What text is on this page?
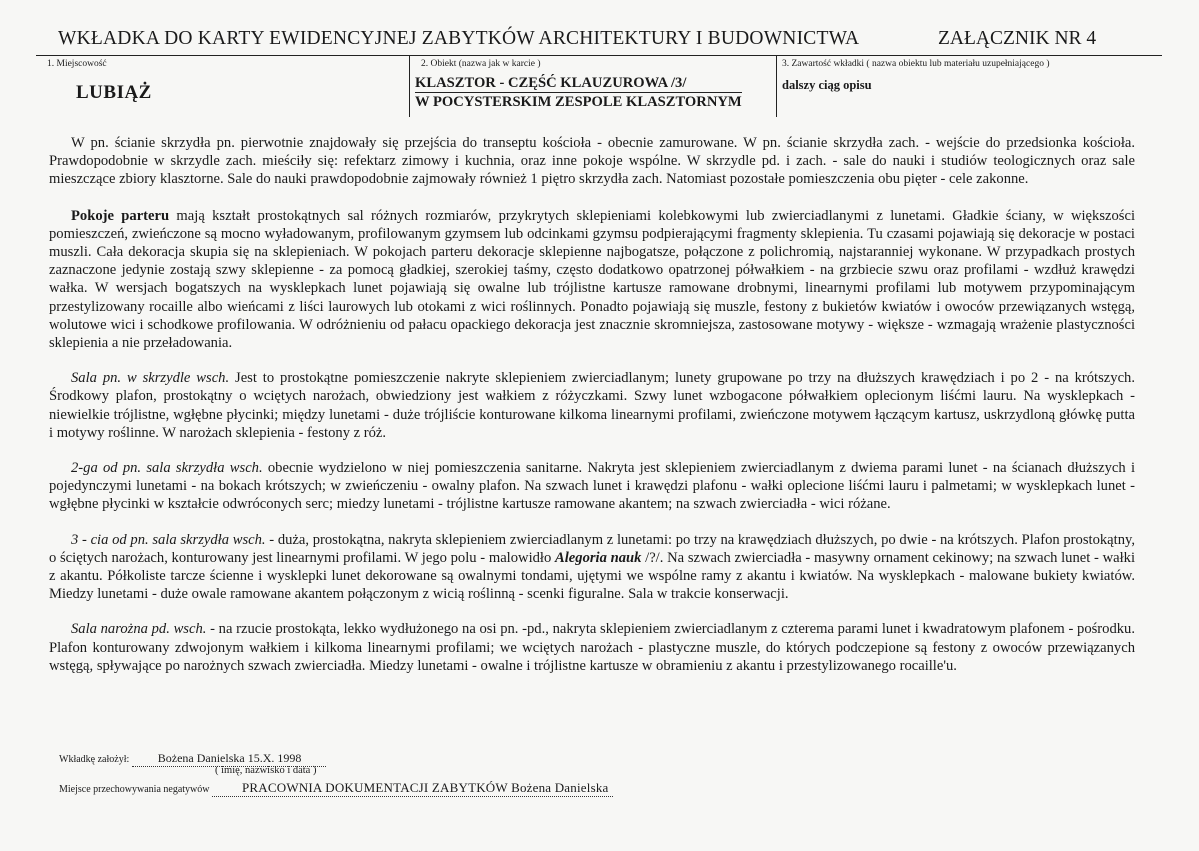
WKŁADKA DO KARTY EWIDENCYJNEJ ZABYTKÓW ARCHITEKTURY I BUDOWNICTWA	ZAŁĄCZNIK NR 4
1. Miejscowość
LUBIĄŻ
2. Obiekt (nazwa jak w karcie )
KLASZTOR - CZĘŚĆ KLAUZUROWA /3/
W POCYSTERSKIM ZESPOLE KLASZTORNYM
3. Zawartość wkładki ( nazwa obiektu lub materiału uzupełniającego )
dalszy ciąg opisu

W pn. ścianie skrzydła pn. pierwotnie znajdowały się przejścia do transeptu kościoła - obecnie zamurowane. W pn. ścianie skrzydła zach. - wejście do przedsionka kościoła. Prawdopodobnie w skrzydle zach. mieściły się: refektarz zimowy i kuchnia, oraz inne pokoje wspólne. W skrzydle pd. i zach. - sale do nauki i studiów teologicznych oraz sale mieszczące zbiory klasztorne. Sale do nauki prawdopodobnie zajmowały również 1 piętro skrzydła zach. Natomiast pozostałe pomieszczenia obu pięter - cele zakonne.

Pokoje parteru mają kształt prostokątnych sal różnych rozmiarów, przykrytych sklepieniami kolebkowymi lub zwierciadlanymi z lunetami. Gładkie ściany, w większości pomieszczeń, zwieńczone są mocno wyładowanym, profilowanym gzymsem lub odcinkami gzymsu podpierającymi fragmenty sklepienia. Tu czasami pojawiają się dekoracje w postaci muszli. Cała dekoracja skupia się na sklepieniach. W pokojach parteru dekoracje sklepienne najbogatsze, połączone z polichromią, najstaranniej wykonane. W przypadkach prostych zaznaczone jedynie zostają szwy sklepienne - za pomocą gładkiej, szerokiej taśmy, często dodatkowo opatrzonej półwałkiem - na grzbiecie szwu oraz profilami - wzdłuż krawędzi wałka. W wersjach bogatszych na wysklepkach lunet pojawiają się owalne lub trójlistne kartusze ramowane drobnymi, linearnymi profilami lub motywem przypominającym przestylizowany rocaille albo wieńcami z liści laurowych lub otokami z wici roślinnych. Ponadto pojawiają się muszle, festony z bukietów kwiatów i owoców przewiązanych wstęgą, wolutowe wici i schodkowe profilowania. W odróżnieniu od pałacu opackiego dekoracja jest znacznie skromniejsza, zastosowane motywy - większe - wzmagają wrażenie plastyczności sklepienia a nie przeładowania.

Sala pn. w skrzydle wsch. Jest to prostokątne pomieszczenie nakryte sklepieniem zwierciadlanym; lunety grupowane po trzy na dłuższych krawędziach i po 2 - na krótszych. Środkowy plafon, prostokątny o wciętych narożach, obwiedziony jest wałkiem z różyczkami. Szwy lunet wzbogacone półwałkiem oplecionym liśćmi lauru. Na wysklepkach - niewielkie trójlistne, wgłębne płycinki; między lunetami - duże trójliście konturowane kilkoma linearnymi profilami, zwieńczone motywem łączącym kartusz, uskrzydloną główkę putta i motywy roślinne. W narożach sklepienia - festony z róż.

2-ga od pn. sala skrzydła wsch. obecnie wydzielono w niej pomieszczenia sanitarne. Nakryta jest sklepieniem zwierciadlanym z dwiema parami lunet - na ścianach dłuższych i pojedynczymi lunetami - na bokach krótszych; w zwieńczeniu - owalny plafon. Na szwach lunet i krawędzi plafonu - wałki oplecione liśćmi lauru i palmetami; w wysklepkach lunet - wgłębne płycinki w kształcie odwróconych serc; miedzy lunetami - trójlistne kartusze ramowane akantem; na szwach zwierciadła - wici różane.

3 - cia od pn. sala skrzydła wsch. - duża, prostokątna, nakryta sklepieniem zwierciadlanym z lunetami: po trzy na krawędziach dłuższych, po dwie - na krótszych. Plafon prostokątny, o ściętych narożach, konturowany jest linearnymi profilami. W jego polu - malowidło Alegoria nauk /?/. Na szwach zwierciadła - masywny ornament cekinowy; na szwach lunet - wałki z akantu. Półkoliste tarcze ścienne i wysklepki lunet dekorowane są owalnymi tondami, ujętymi we wspólne ramy z akantu i kwiatów. Na wysklepkach - malowane bukiety kwiatów. Miedzy lunetami - duże owale ramowane akantem połączonym z wicią roślinną - scenki figuralne. Sala w trakcie konserwacji.

Sala narożna pd. wsch. - na rzucie prostokąta, lekko wydłużonego na osi pn. -pd., nakryta sklepieniem zwierciadlanym z czterema parami lunet i kwadratowym plafonem - pośrodku. Plafon konturowany zdwojonym wałkiem i kilkoma linearnymi profilami; we wciętych narożach - plastyczne muszle, do których podczepione są festony z owoców przewiązanych wstęgą, spływające po narożnych szwach zwierciadła. Miedzy lunetami - owalne i trójlistne kartusze w obramieniu z akantu i przestylizowanego rocaille'u.

Wkładkę założył: Bożena Danielska 15.X. 1998
( imię, nazwisko i data )
Miejsce przechowywania negatywów	PRACOWNIA DOKUMENTACJI ZABYTKÓW Bożena Danielska
